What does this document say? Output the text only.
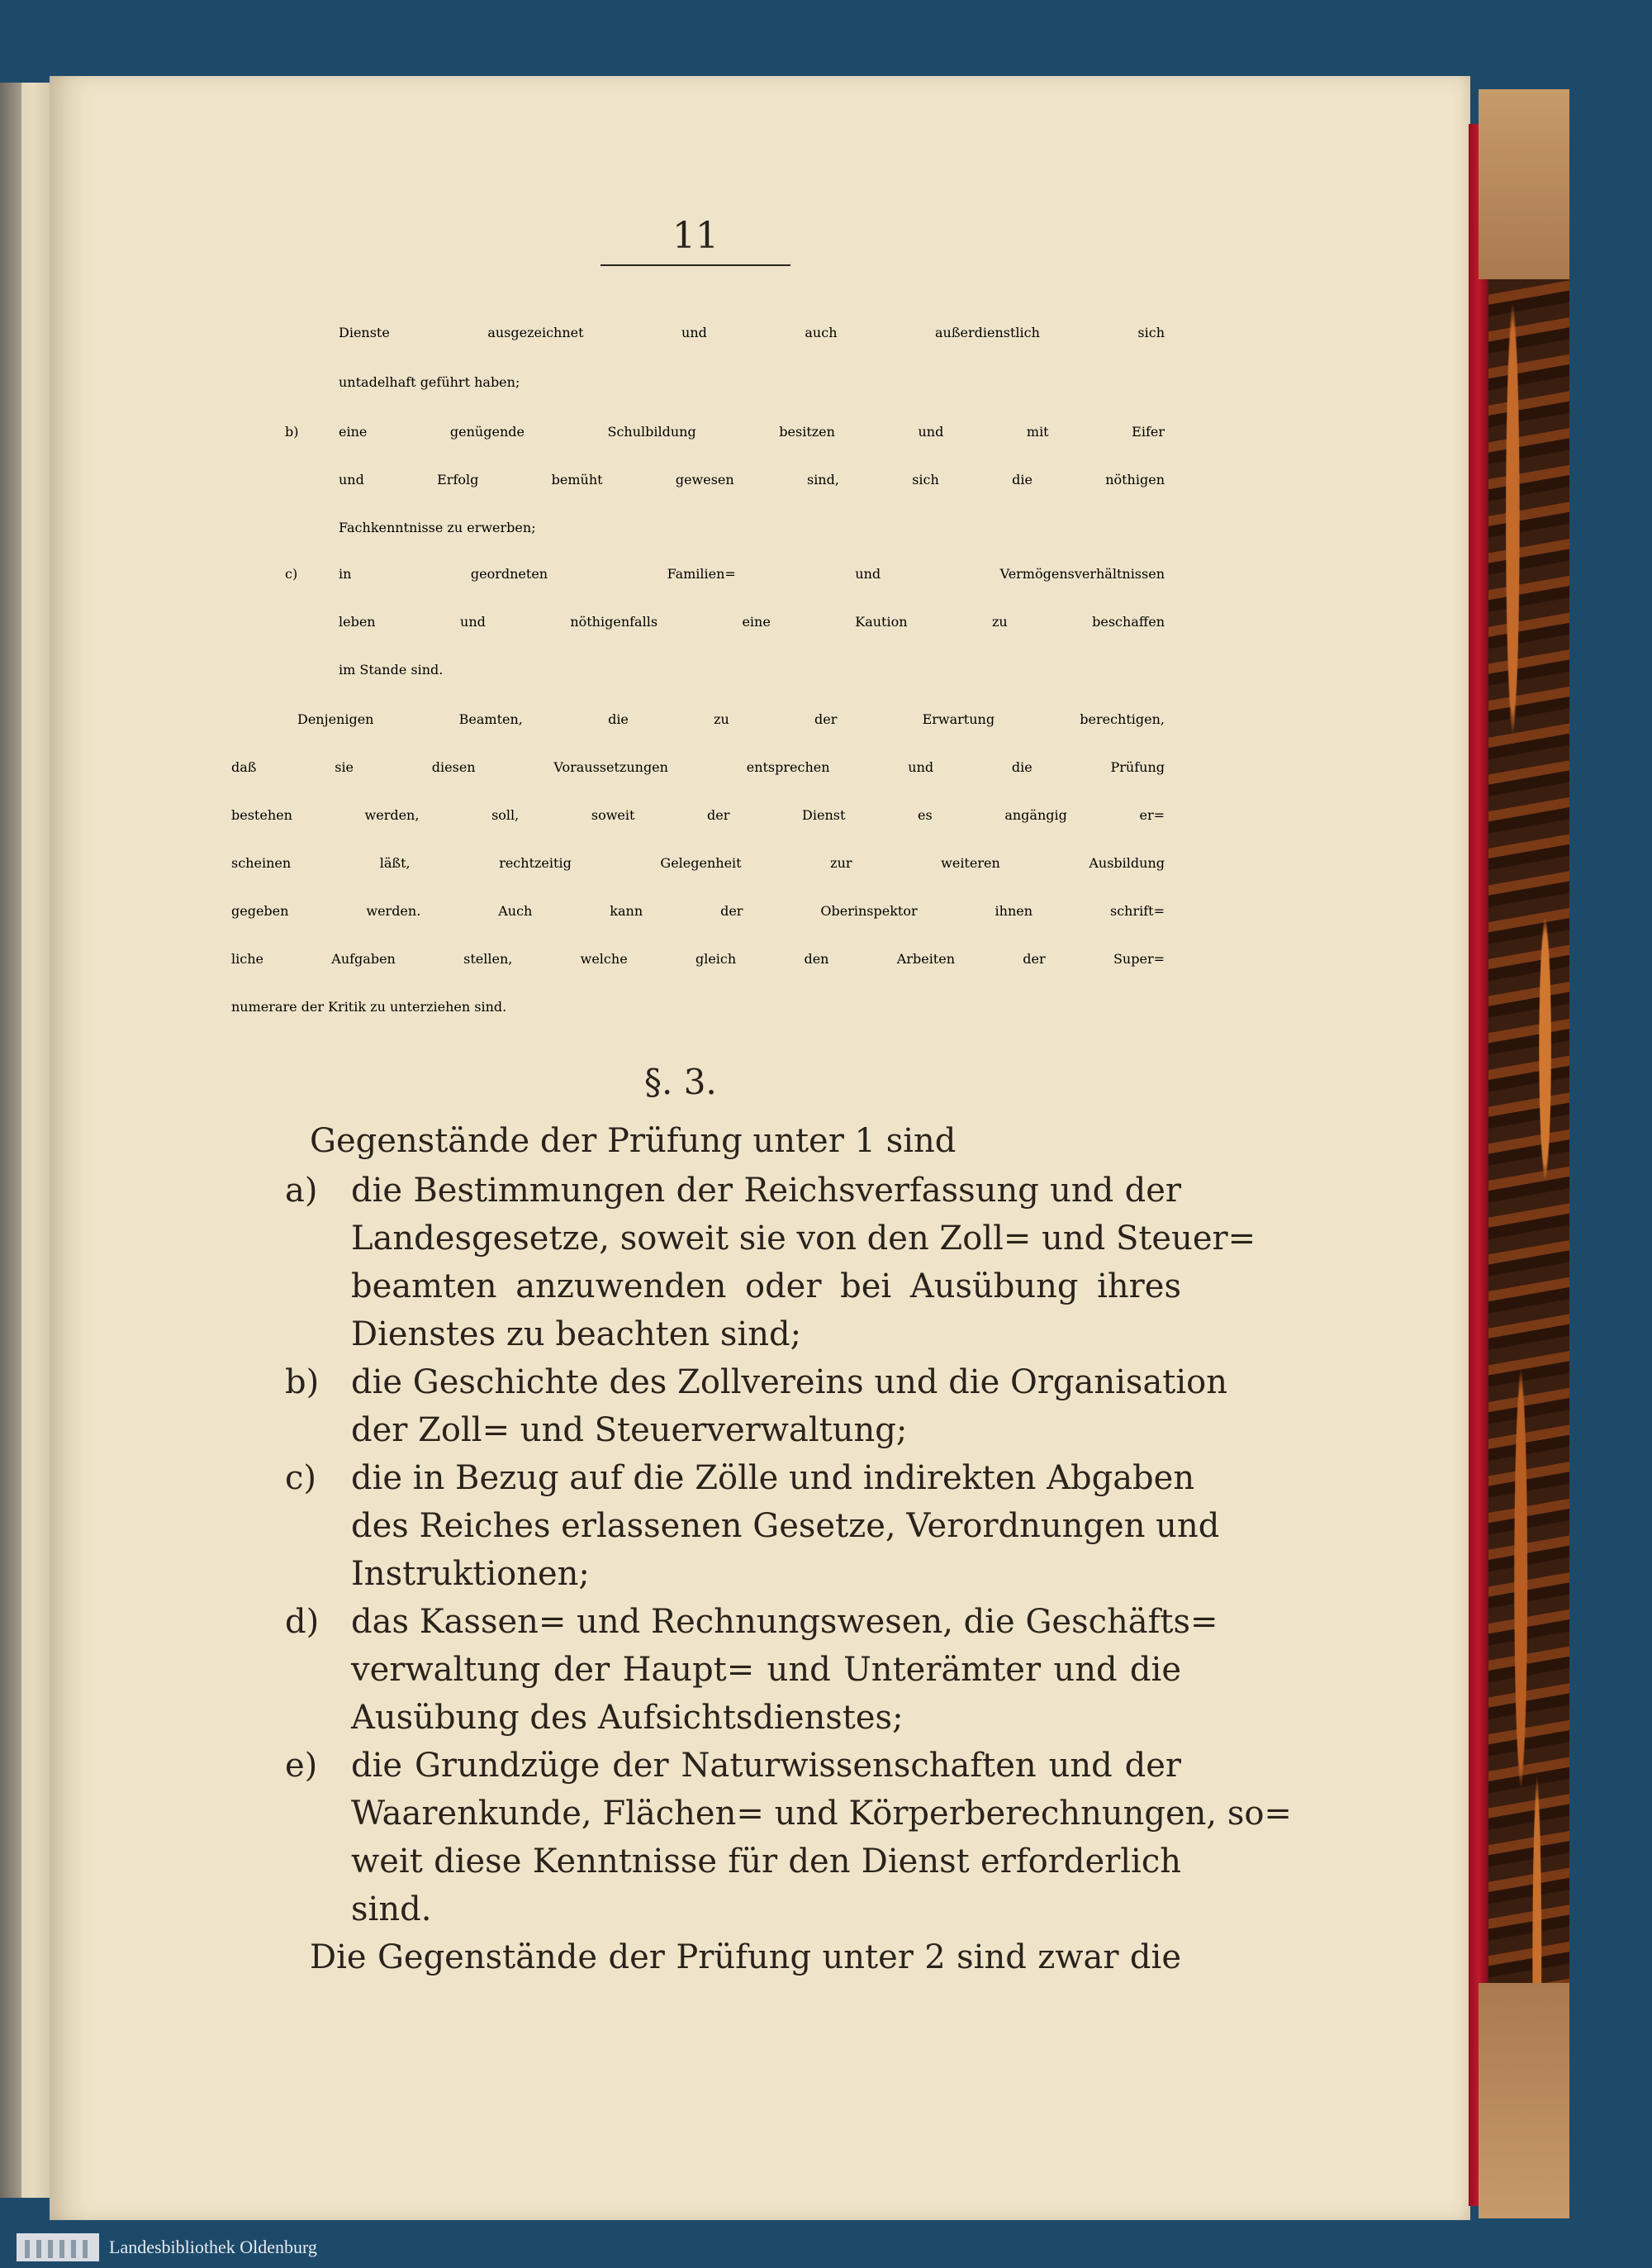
11
Dienste ausgezeichnet und auch außerdienstlich sich
untadelhaft geführt haben;
b)	eine genügende Schulbildung besitzen und mit Eifer
und Erfolg bemüht gewesen sind, sich die nöthigen
Fachkenntnisse zu erwerben;
c)	in geordneten Familien= und Vermögensverhältnissen
leben und nöthigenfalls eine Kaution zu beschaffen
im Stande sind.
Denjenigen Beamten, die zu der Erwartung berechtigen,
daß sie diesen Voraussetzungen entsprechen und die Prüfung
bestehen werden, soll, soweit der Dienst es angängig er=
scheinen läßt, rechtzeitig Gelegenheit zur weiteren Ausbildung
gegeben werden. Auch kann der Oberinspektor ihnen schrift=
liche Aufgaben stellen, welche gleich den Arbeiten der Super=
numerare der Kritik zu unterziehen sind.
§. 3.
Gegenstände der Prüfung unter 1 sind
a) die Bestimmungen der Reichsverfassung und der
Landesgesetze, soweit sie von den Zoll= und Steuer=
beamten anzuwenden oder bei Ausübung ihres
Dienstes zu beachten sind;
b) die Geschichte des Zollvereins und die Organisation
der Zoll= und Steuerverwaltung;
c) die in Bezug auf die Zölle und indirekten Abgaben
des Reiches erlassenen Gesetze, Verordnungen und
Instruktionen;
d) das Kassen= und Rechnungswesen, die Geschäfts=
verwaltung der Haupt= und Unterämter und die
Ausübung des Aufsichtsdienstes;
e) die Grundzüge der Naturwissenschaften und der
Waarenkunde, Flächen= und Körperberechnungen, so=
weit diese Kenntnisse für den Dienst erforderlich
sind.
Die Gegenstände der Prüfung unter 2 sind zwar die
Landesbibliothek Oldenburg
